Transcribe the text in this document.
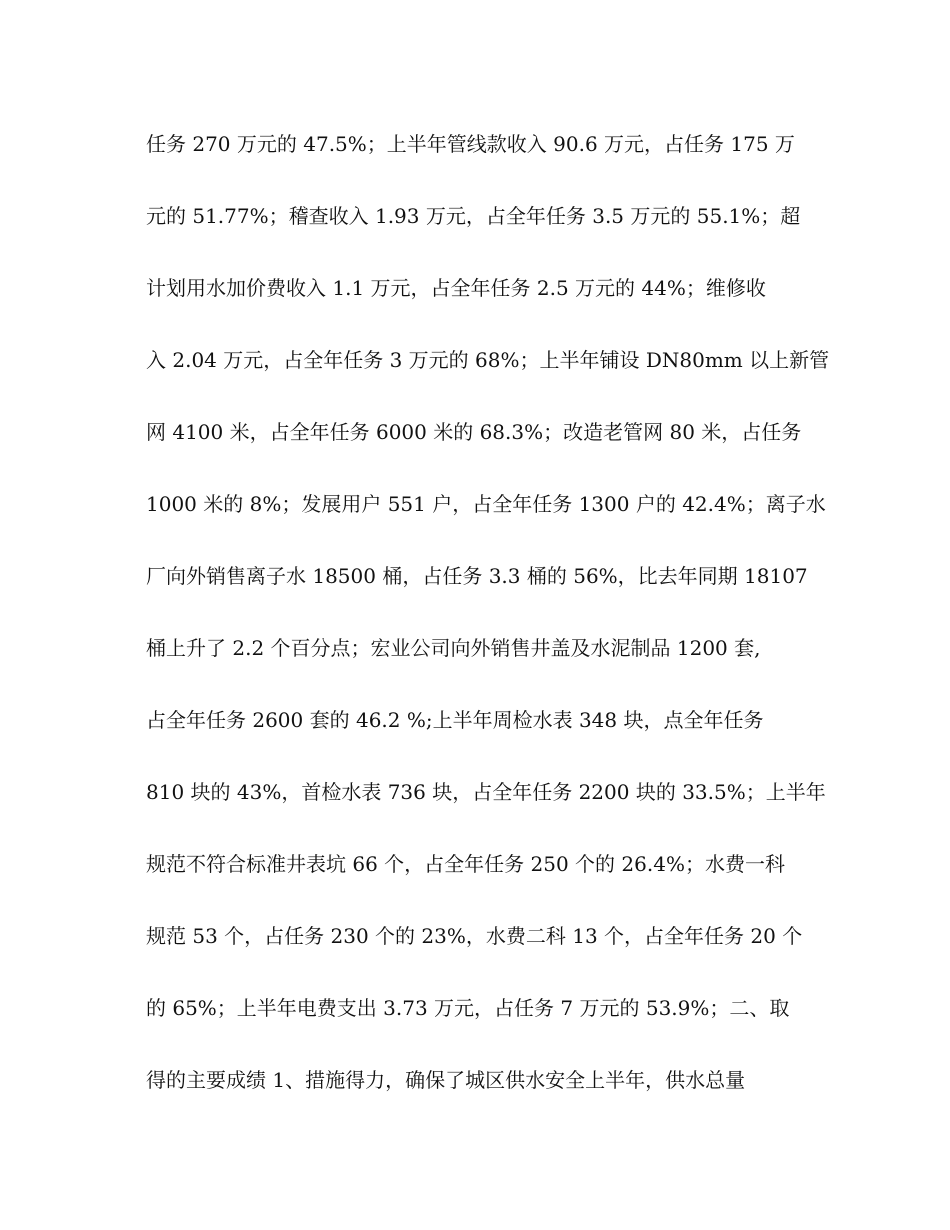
任务 270 万元的 47.5%；上半年管线款收入 90.6 万元，占任务 175 万
元的 51.77%；稽查收入 1.93 万元，占全年任务 3.5 万元的 55.1%；超
计划用水加价费收入 1.1 万元，占全年任务 2.5 万元的 44%；维修收
入 2.04 万元，占全年任务 3 万元的 68%；上半年铺设 DN80mm 以上新管
网 4100 米，占全年任务 6000 米的 68.3%；改造老管网 80 米，占任务
1000 米的 8%；发展用户 551 户，占全年任务 1300 户的 42.4%；离子水
厂向外销售离子水 18500 桶，占任务 3.3 桶的 56%，比去年同期 18107
桶上升了 2.2 个百分点；宏业公司向外销售井盖及水泥制品 1200 套,
占全年任务 2600 套的 46.2 %;上半年周检水表 348 块，点全年任务
810 块的 43%，首检水表 736 块，占全年任务 2200 块的 33.5%；上半年
规范不符合标准井表坑 66 个，占全年任务 250 个的 26.4%；水费一科
规范 53 个，占任务 230 个的 23%，水费二科 13 个，占全年任务 20 个
的 65%；上半年电费支出 3.73 万元，占任务 7 万元的 53.9%；二、取
得的主要成绩 1、措施得力，确保了城区供水安全上半年，供水总量
